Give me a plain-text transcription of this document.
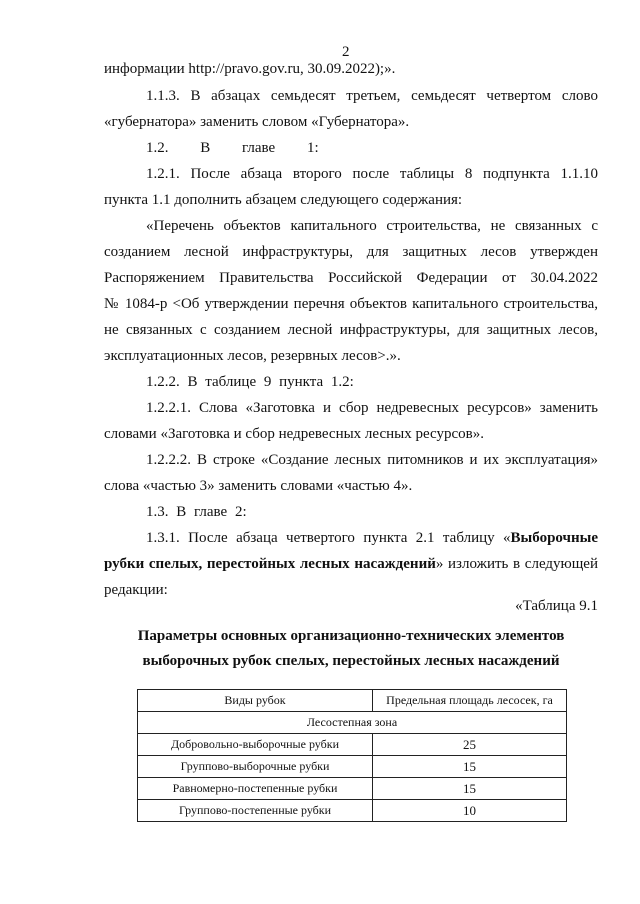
2
информации http://pravo.gov.ru, 30.09.2022);».
1.1.3. В абзацах семьдесят третьем, семьдесят четвертом слово
«губернатора» заменить словом «Губернатора».
1.2. В главе 1:
1.2.1. После абзаца второго после таблицы 8 подпункта 1.1.10
пункта 1.1 дополнить абзацем следующего содержания:
«Перечень объектов капитального строительства, не связанных с
созданием лесной инфраструктуры, для защитных лесов утвержден
Распоряжением Правительства Российской Федерации от 30.04.2022
№ 1084-р <Об утверждении перечня объектов капитального строительства,
не связанных с созданием лесной инфраструктуры, для защитных лесов,
эксплуатационных лесов, резервных лесов>.».
1.2.2. В таблице 9 пункта 1.2:
1.2.2.1. Слова «Заготовка и сбор недревесных ресурсов» заменить
словами «Заготовка и сбор недревесных лесных ресурсов».
1.2.2.2. В строке «Создание лесных питомников и их эксплуатация»
слова «частью 3» заменить словами «частью 4».
1.3. В главе 2:
1.3.1. После абзаца четвертого пункта 2.1 таблицу «Выборочные
рубки спелых, перестойных лесных насаждений» изложить в следующей
редакции:
«Таблица 9.1
Параметры основных организационно-технических элементов
выборочных рубок спелых, перестойных лесных насаждений
Виды рубок	Предельная площадь лесосек, га
Лесостепная зона	
Добровольно-выборочные рубки	25
Группово-выборочные рубки	15
Равномерно-постепенные рубки	15
Группово-постепенные рубки	10
